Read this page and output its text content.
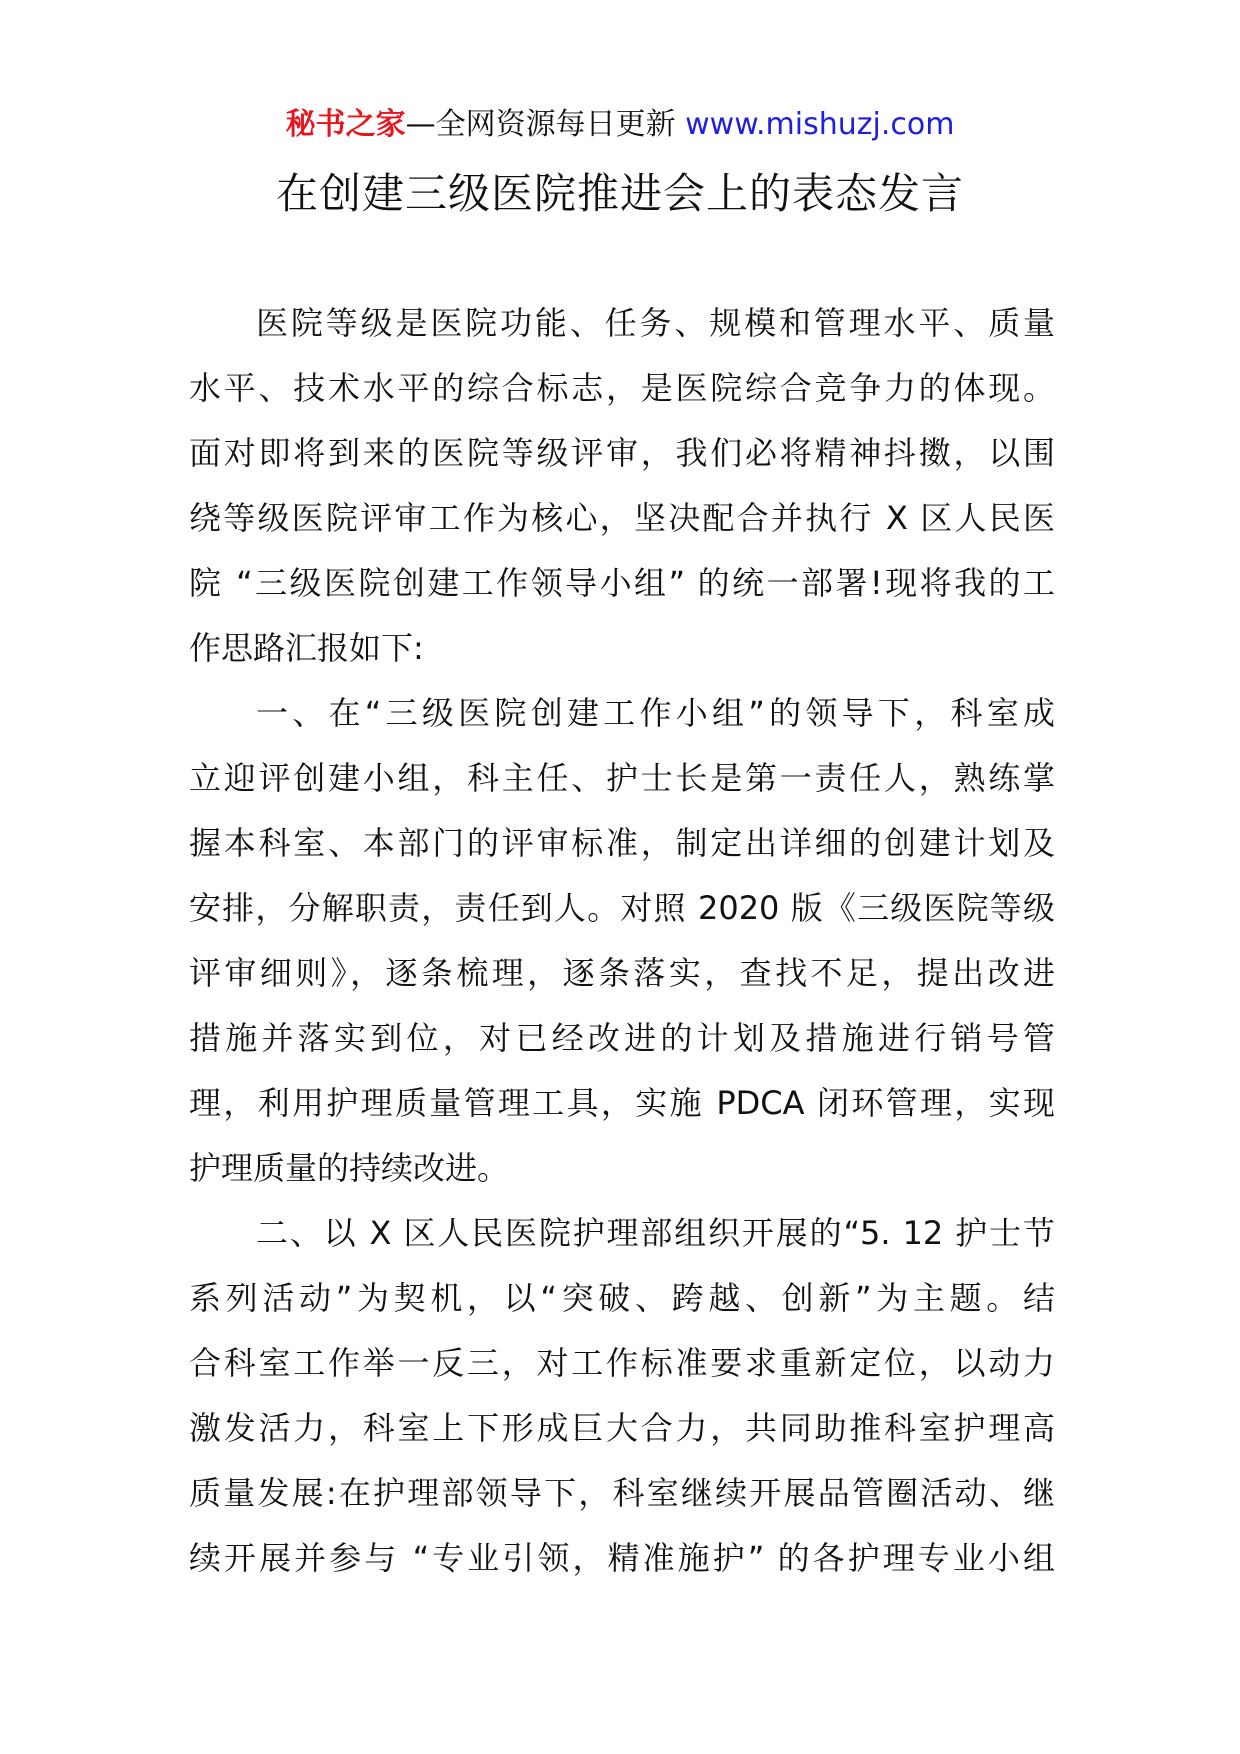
秘书之家—全网资源每日更新 www.mishuzj.com
在创建三级医院推进会上的表态发言
医院等级是医院功能、任务、规模和管理水平、质量
水平、技术水平的综合标志，是医院综合竞争力的体现。
面对即将到来的医院等级评审，我们必将精神抖擞，以围
绕等级医院评审工作为核心，坚决配合并执行 X 区人民医
院 “三级医院创建工作领导小组” 的统一部署!现将我的工
作思路汇报如下:
一、在“三级医院创建工作小组”的领导下，科室成
立迎评创建小组，科主任、护士长是第一责任人，熟练掌
握本科室、本部门的评审标准，制定出详细的创建计划及
安排，分解职责，责任到人。对照 2020 版《三级医院等级
评审细则》，逐条梳理，逐条落实，查找不足，提出改进
措施并落实到位，对已经改进的计划及措施进行销号管
理，利用护理质量管理工具，实施 PDCA 闭环管理，实现
护理质量的持续改进。
二、以 X 区人民医院护理部组织开展的“5. 12 护士节
系列活动”为契机，以“突破、跨越、创新”为主题。结
合科室工作举一反三，对工作标准要求重新定位，以动力
激发活力，科室上下形成巨大合力，共同助推科室护理高
质量发展:在护理部领导下，科室继续开展品管圈活动、继
续开展并参与 “专业引领，精准施护” 的各护理专业小组
